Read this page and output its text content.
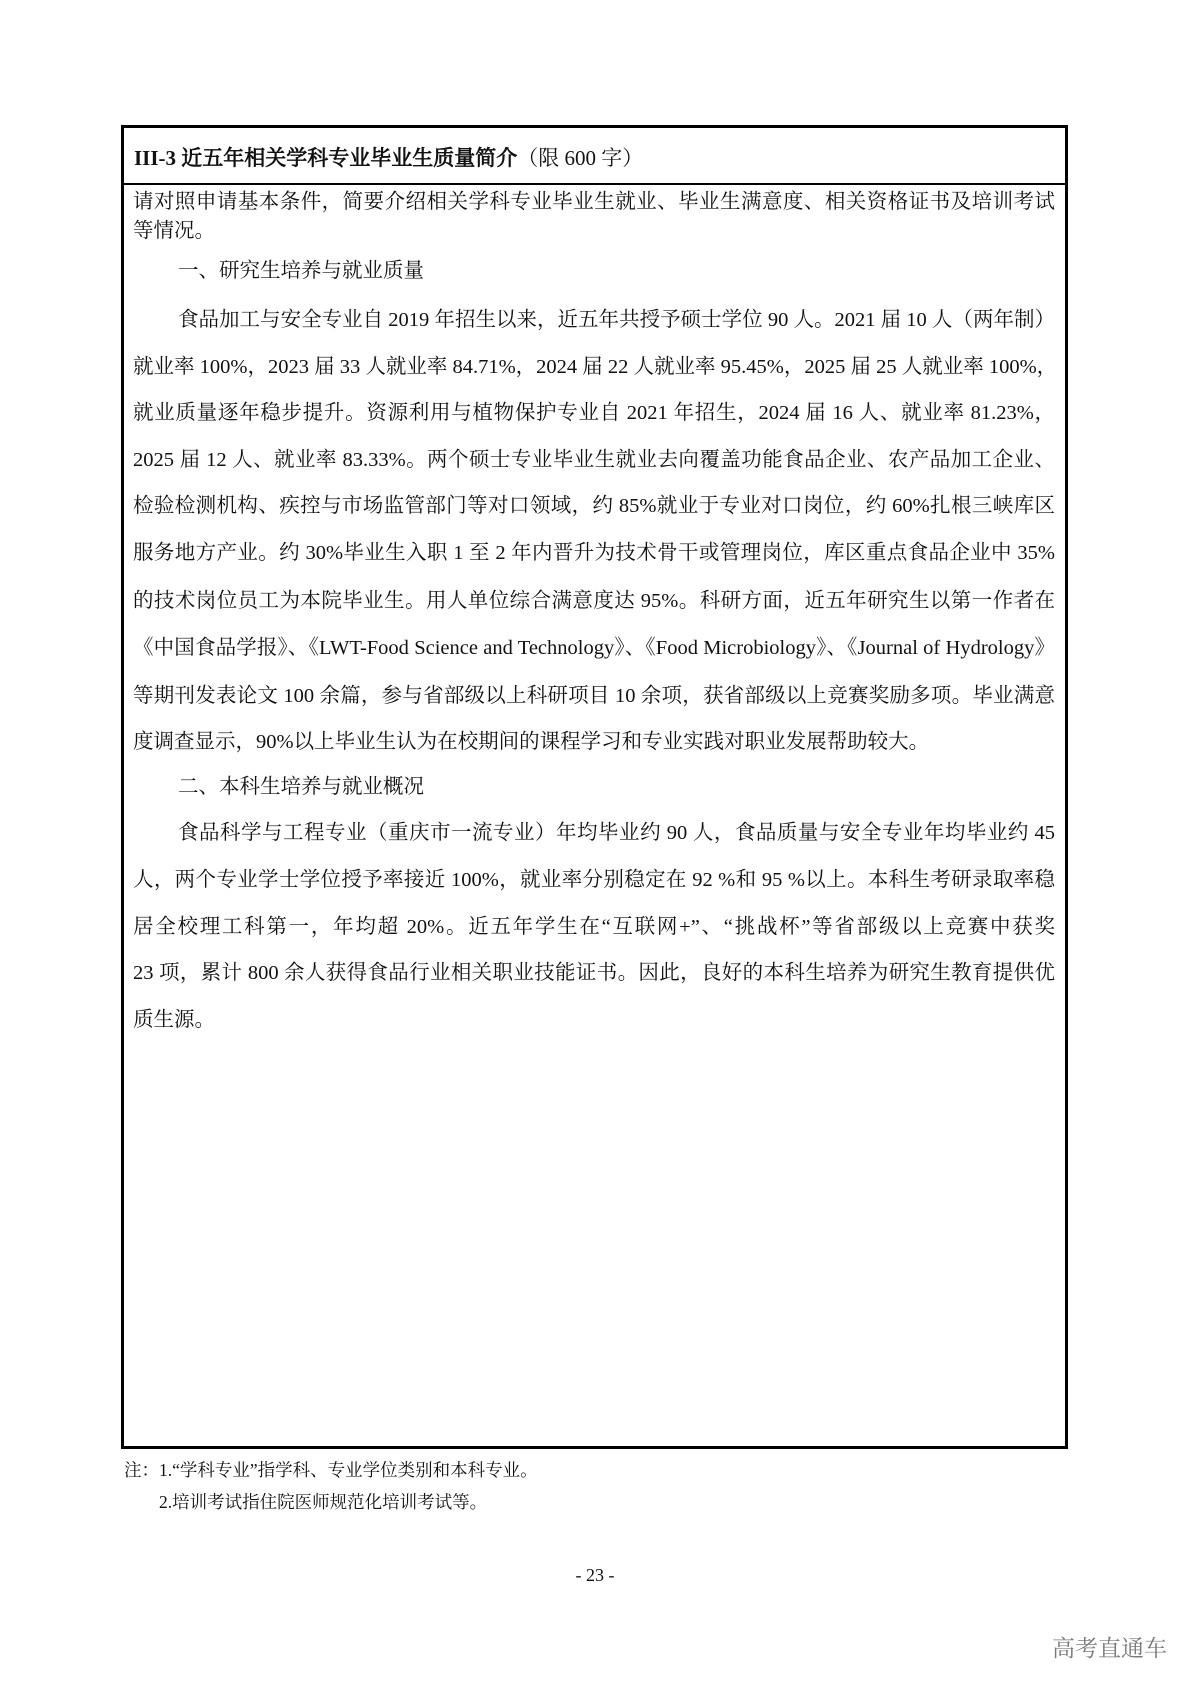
III-3 近五年相关学科专业毕业生质量简介（限 600 字）
请对照申请基本条件，简要介绍相关学科专业毕业生就业、毕业生满意度、相关资格证书及培训考试
等情况。
一、研究生培养与就业质量
食品加工与安全专业自 2019 年招生以来，近五年共授予硕士学位 90 人。2021 届 10 人（两年制）
就业率 100%，2023 届 33 人就业率 84.71%，2024 届 22 人就业率 95.45%，2025 届 25 人就业率 100%，
就业质量逐年稳步提升。资源利用与植物保护专业自 2021 年招生，2024 届 16 人、就业率 81.23%，
2025 届 12 人、就业率 83.33%。两个硕士专业毕业生就业去向覆盖功能食品企业、农产品加工企业、
检验检测机构、疾控与市场监管部门等对口领域，约 85%就业于专业对口岗位，约 60%扎根三峡库区
服务地方产业。约 30%毕业生入职 1 至 2 年内晋升为技术骨干或管理岗位，库区重点食品企业中 35%
的技术岗位员工为本院毕业生。用人单位综合满意度达 95%。科研方面，近五年研究生以第一作者在
《中国食品学报》、《LWT-Food Science and Technology》、《Food Microbiology》、《Journal of Hydrology》
等期刊发表论文 100 余篇，参与省部级以上科研项目 10 余项，获省部级以上竞赛奖励多项。毕业满意
度调查显示，90%以上毕业生认为在校期间的课程学习和专业实践对职业发展帮助较大。
二、本科生培养与就业概况
食品科学与工程专业（重庆市一流专业）年均毕业约 90 人，食品质量与安全专业年均毕业约 45
人，两个专业学士学位授予率接近 100%，就业率分别稳定在 92 %和 95 %以上。本科生考研录取率稳
居全校理工科第一，年均超 20%。近五年学生在“互联网+”、“挑战杯”等省部级以上竞赛中获奖
23 项，累计 800 余人获得食品行业相关职业技能证书。因此，良好的本科生培养为研究生教育提供优
质生源。
注：1.“学科专业”指学科、专业学位类别和本科专业。
　　2.培训考试指住院医师规范化培训考试等。
- 23 -
高考直通车
